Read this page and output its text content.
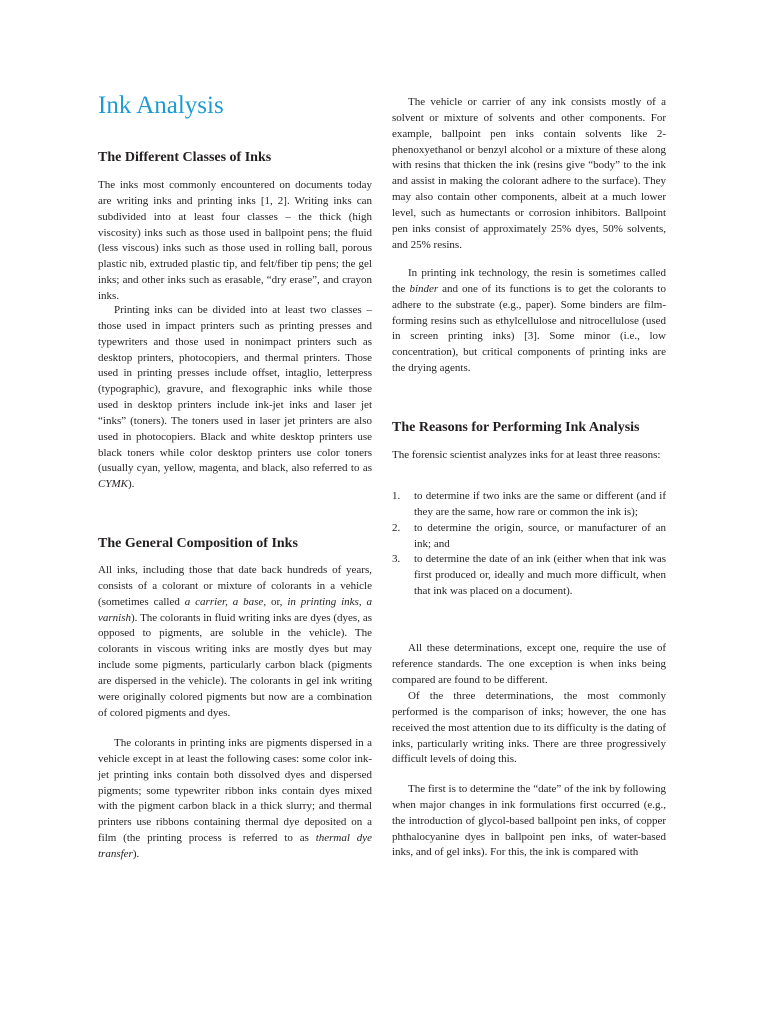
Ink Analysis
The Different Classes of Inks

The inks most commonly encountered on documents today are writing inks and printing inks [1, 2]. Writing inks can subdivided into at least four classes – the thick (high viscosity) inks such as those used in ballpoint pens; the fluid (less viscous) inks such as those used in rolling ball, porous plastic nib, extruded plastic tip, and felt/fiber tip pens; the gel inks; and other inks such as erasable, “dry erase”, and crayon inks.

Printing inks can be divided into at least two classes – those used in impact printers such as printing presses and typewriters and those used in nonimpact printers such as desktop printers, photocopiers, and thermal printers. Those used in printing presses include offset, intaglio, letterpress (typographic), gravure, and flexographic inks while those used in desktop printers include ink-jet inks and laser jet “inks” (toners). The toners used in laser jet printers are also used in photocopiers. Black and white desktop printers use black toners while color desktop printers use color toners (usually cyan, yellow, magenta, and black, also referred to as CYMK).

The General Composition of Inks

All inks, including those that date back hundreds of years, consists of a colorant or mixture of colorants in a vehicle (sometimes called a carrier, a base, or, in printing inks, a varnish). The colorants in fluid writing inks are dyes (dyes, as opposed to pigments, are soluble in the vehicle). The colorants in viscous writing inks are mostly dyes but may include some pigments, particularly carbon black (pigments are dispersed in the vehicle). The colorants in gel ink writing were originally colored pigments but now are a combination of colored pigments and dyes.

The colorants in printing inks are pigments dispersed in a vehicle except in at least the following cases: some color ink-jet printing inks contain both dissolved dyes and dispersed pigments; some typewriter ribbon inks contain dyes mixed with the pigment carbon black in a thick slurry; and thermal printers use ribbons containing thermal dye deposited on a film (the printing process is referred to as thermal dye transfer).

The vehicle or carrier of any ink consists mostly of a solvent or mixture of solvents and other components. For example, ballpoint pen inks contain solvents like 2-phenoxyethanol or benzyl alcohol or a mixture of these along with resins that thicken the ink (resins give “body” to the ink and assist in making the colorant adhere to the surface). They may also contain other components, albeit at a much lower level, such as humectants or corrosion inhibitors. Ballpoint pen inks consist of approximately 25% dyes, 50% solvents, and 25% resins.

In printing ink technology, the resin is sometimes called the binder and one of its functions is to get the colorants to adhere to the substrate (e.g., paper). Some binders are film-forming resins such as ethylcellulose and nitrocellulose (used in screen printing inks) [3]. Some minor (i.e., low concentration), but critical components of printing inks are the drying agents.

The Reasons for Performing Ink Analysis

The forensic scientist analyzes inks for at least three reasons:

1. to determine if two inks are the same or different (and if they are the same, how rare or common the ink is);
2. to determine the origin, source, or manufacturer of an ink; and
3. to determine the date of an ink (either when that ink was first produced or, ideally and much more difficult, when that ink was placed on a document).

All these determinations, except one, require the use of reference standards. The one exception is when inks being compared are found to be different.

Of the three determinations, the most commonly performed is the comparison of inks; however, the one has received the most attention due to its difficulty is the dating of inks, particularly writing inks. There are three progressively difficult levels of doing this.

The first is to determine the “date” of the ink by following when major changes in ink formulations first occurred (e.g., the introduction of glycol-based ballpoint pen inks, of copper phthalocyanine dyes in ballpoint pen inks, of water-based inks, and of gel inks). For this, the ink is compared with
